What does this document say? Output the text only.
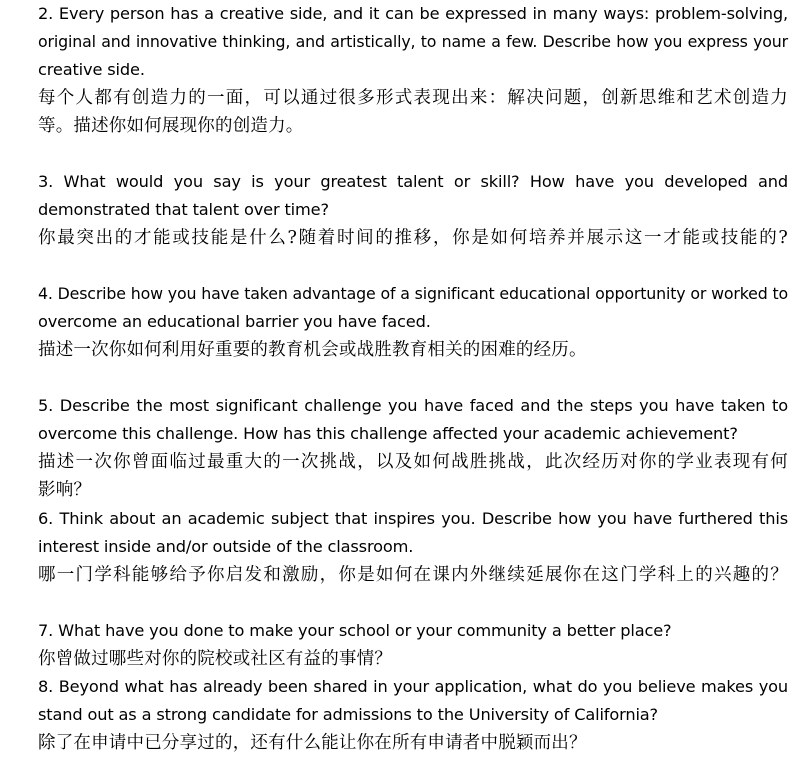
2. Every person has a creative side, and it can be expressed in many ways: problem-solving,
original and innovative thinking, and artistically, to name a few. Describe how you express your
creative side.
每个人都有创造力的一面，可以通过很多形式表现出来：解决问题，创新思维和艺术创造力
等。描述你如何展现你的创造力。
3. What would you say is your greatest talent or skill? How have you developed and
demonstrated that talent over time?
你最突出的才能或技能是什么?随着时间的推移，你是如何培养并展示这一才能或技能的?
4. Describe how you have taken advantage of a significant educational opportunity or worked to
overcome an educational barrier you have faced.
描述一次你如何利用好重要的教育机会或战胜教育相关的困难的经历。
5. Describe the most significant challenge you have faced and the steps you have taken to
overcome this challenge. How has this challenge affected your academic achievement?
描述一次你曾面临过最重大的一次挑战，以及如何战胜挑战，此次经历对你的学业表现有何
影响？
6. Think about an academic subject that inspires you. Describe how you have furthered this
interest inside and/or outside of the classroom.
哪一门学科能够给予你启发和激励，你是如何在课内外继续延展你在这门学科上的兴趣的？
7. What have you done to make your school or your community a better place?
你曾做过哪些对你的院校或社区有益的事情？
8. Beyond what has already been shared in your application, what do you believe makes you
stand out as a strong candidate for admissions to the University of California?
除了在申请中已分享过的，还有什么能让你在所有申请者中脱颖而出？
